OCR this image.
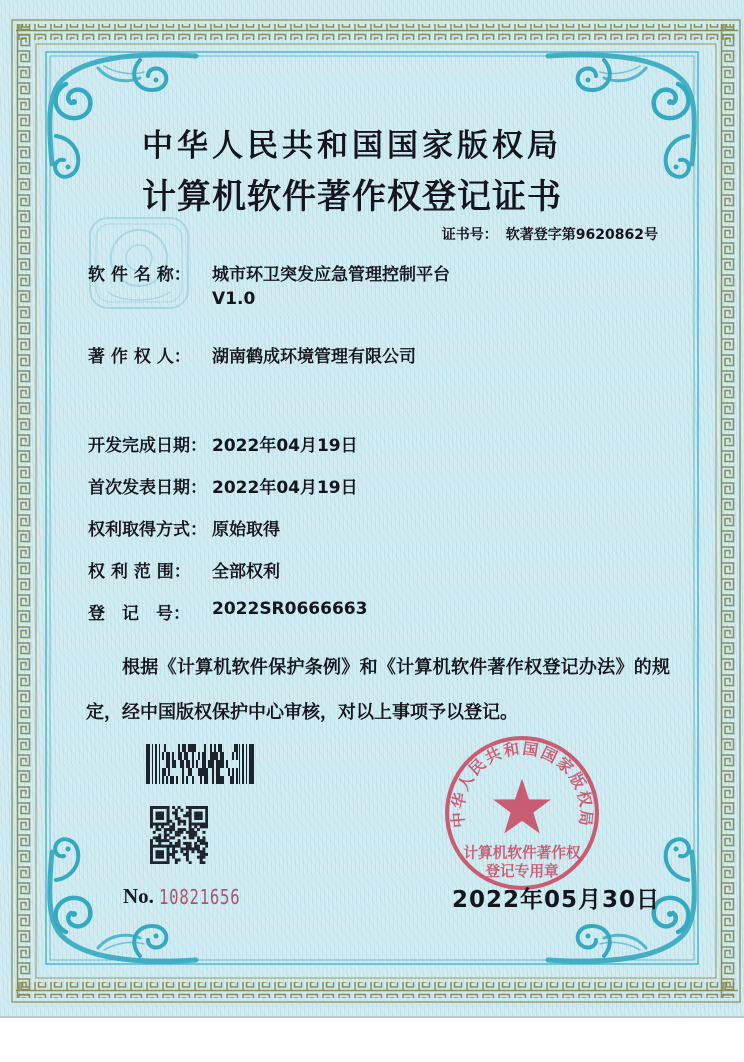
中华人民共和国国家版权局
计算机软件著作权登记证书
证书号： 软著登字第9620862号
软 件 名 称： 城市环卫突发应急管理控制平台
V1.0
著 作 权 人： 湖南鹤成环境管理有限公司
开发完成日期： 2022年04月19日
首次发表日期： 2022年04月19日
权利取得方式： 原始取得
权 利 范 围： 全部权利
登　记　号： 2022SR0666663
根据《计算机软件保护条例》和《计算机软件著作权登记办法》的规定，经中国版权保护中心审核，对以上事项予以登记。
No. 10821656
中华人民共和国国家版权局
计算机软件著作权
登记专用章
2022年05月30日
